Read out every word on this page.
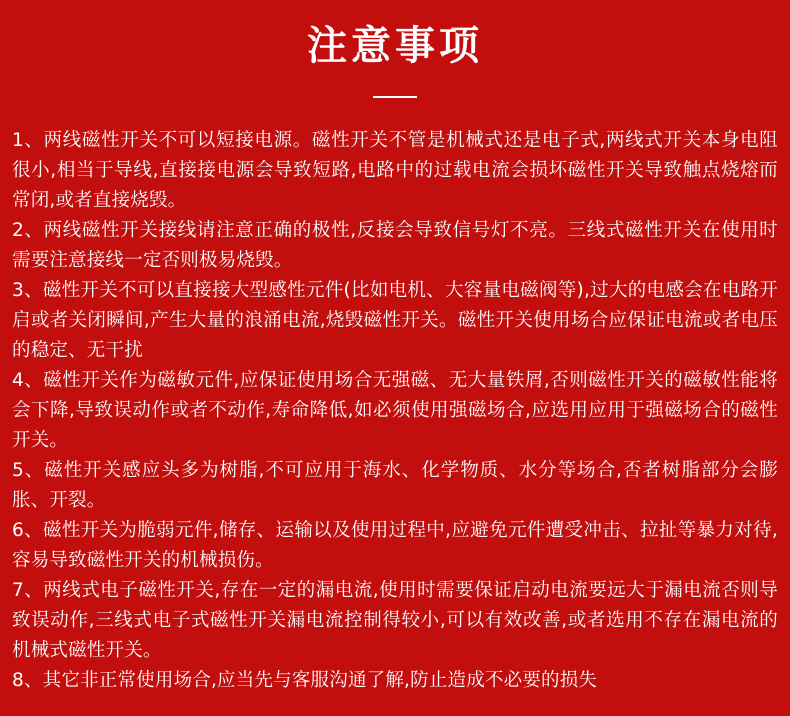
注意事项
1、两线磁性开关不可以短接电源。磁性开关不管是机械式还是电子式,两线式开关本身电阻很小,相当于导线,直接接电源会导致短路,电路中的过载电流会损坏磁性开关导致触点烧熔而常闭,或者直接烧毁。
2、两线磁性开关接线请注意正确的极性,反接会导致信号灯不亮。三线式磁性开关在使用时需要注意接线一定否则极易烧毁。
3、磁性开关不可以直接接大型感性元件(比如电机、大容量电磁阀等),过大的电感会在电路开启或者关闭瞬间,产生大量的浪涌电流,烧毁磁性开关。磁性开关使用场合应保证电流或者电压的稳定、无干扰
4、磁性开关作为磁敏元件,应保证使用场合无强磁、无大量铁屑,否则磁性开关的磁敏性能将会下降,导致误动作或者不动作,寿命降低,如必须使用强磁场合,应选用应用于强磁场合的磁性开关。
5、磁性开关感应头多为树脂,不可应用于海水、化学物质、水分等场合,否者树脂部分会膨胀、开裂。
6、磁性开关为脆弱元件,储存、运输以及使用过程中,应避免元件遭受冲击、拉扯等暴力对待,容易导致磁性开关的机械损伤。
7、两线式电子磁性开关,存在一定的漏电流,使用时需要保证启动电流要远大于漏电流否则导致误动作,三线式电子式磁性开关漏电流控制得较小,可以有效改善,或者选用不存在漏电流的机械式磁性开关。
8、其它非正常使用场合,应当先与客服沟通了解,防止造成不必要的损失
